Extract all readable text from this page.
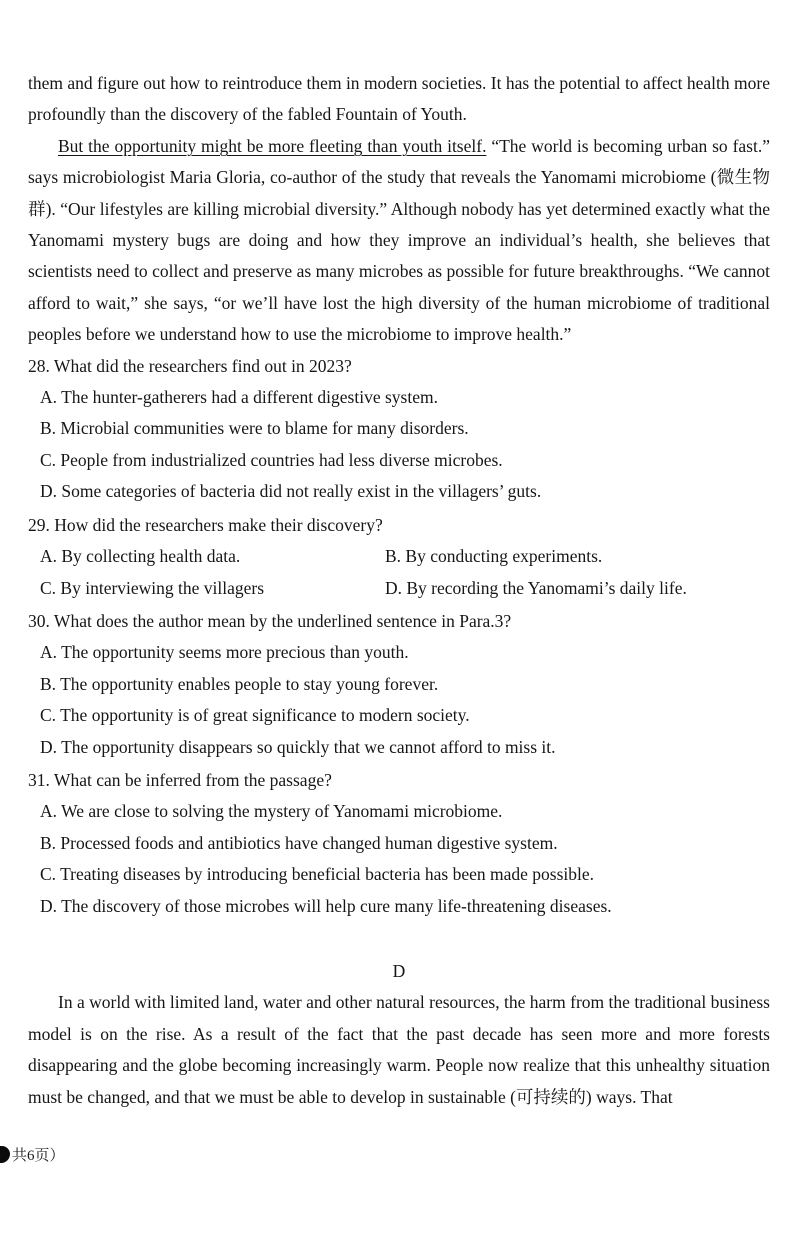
them and figure out how to reintroduce them in modern societies. It has the potential to affect health more profoundly than the discovery of the fabled Fountain of Youth.

But the opportunity might be more fleeting than youth itself. “The world is becoming urban so fast.” says microbiologist Maria Gloria, co-author of the study that reveals the Yanomami microbiome (微生物群). “Our lifestyles are killing microbial diversity.” Although nobody has yet determined exactly what the Yanomami mystery bugs are doing and how they improve an individual’s health, she believes that scientists need to collect and preserve as many microbes as possible for future breakthroughs. “We cannot afford to wait,” she says, “or we’ll have lost the high diversity of the human microbiome of traditional peoples before we understand how to use the microbiome to improve health.”

28. What did the researchers find out in 2023?

A. The hunter-gatherers had a different digestive system.

B. Microbial communities were to blame for many disorders.

C. People from industrialized countries had less diverse microbes.

D. Some categories of bacteria did not really exist in the villagers’ guts.

29. How did the researchers make their discovery?

A. By collecting health data.	B. By conducting experiments.

C. By interviewing the villagers	D. By recording the Yanomami’s daily life.

30. What does the author mean by the underlined sentence in Para.3?

A. The opportunity seems more precious than youth.

B. The opportunity enables people to stay young forever.

C. The opportunity is of great significance to modern society.

D. The opportunity disappears so quickly that we cannot afford to miss it.

31. What can be inferred from the passage?

A. We are close to solving the mystery of Yanomami microbiome.

B. Processed foods and antibiotics have changed human digestive system.

C. Treating diseases by introducing beneficial bacteria has been made possible.

D. The discovery of those microbes will help cure many life-threatening diseases.

D

In a world with limited land, water and other natural resources, the harm from the traditional business model is on the rise. As a result of the fact that the past decade has seen more and more forests disappearing and the globe becoming increasingly warm. People now realize that this unhealthy situation must be changed, and that we must be able to develop in sustainable (可持续的) ways. That

共6页）
